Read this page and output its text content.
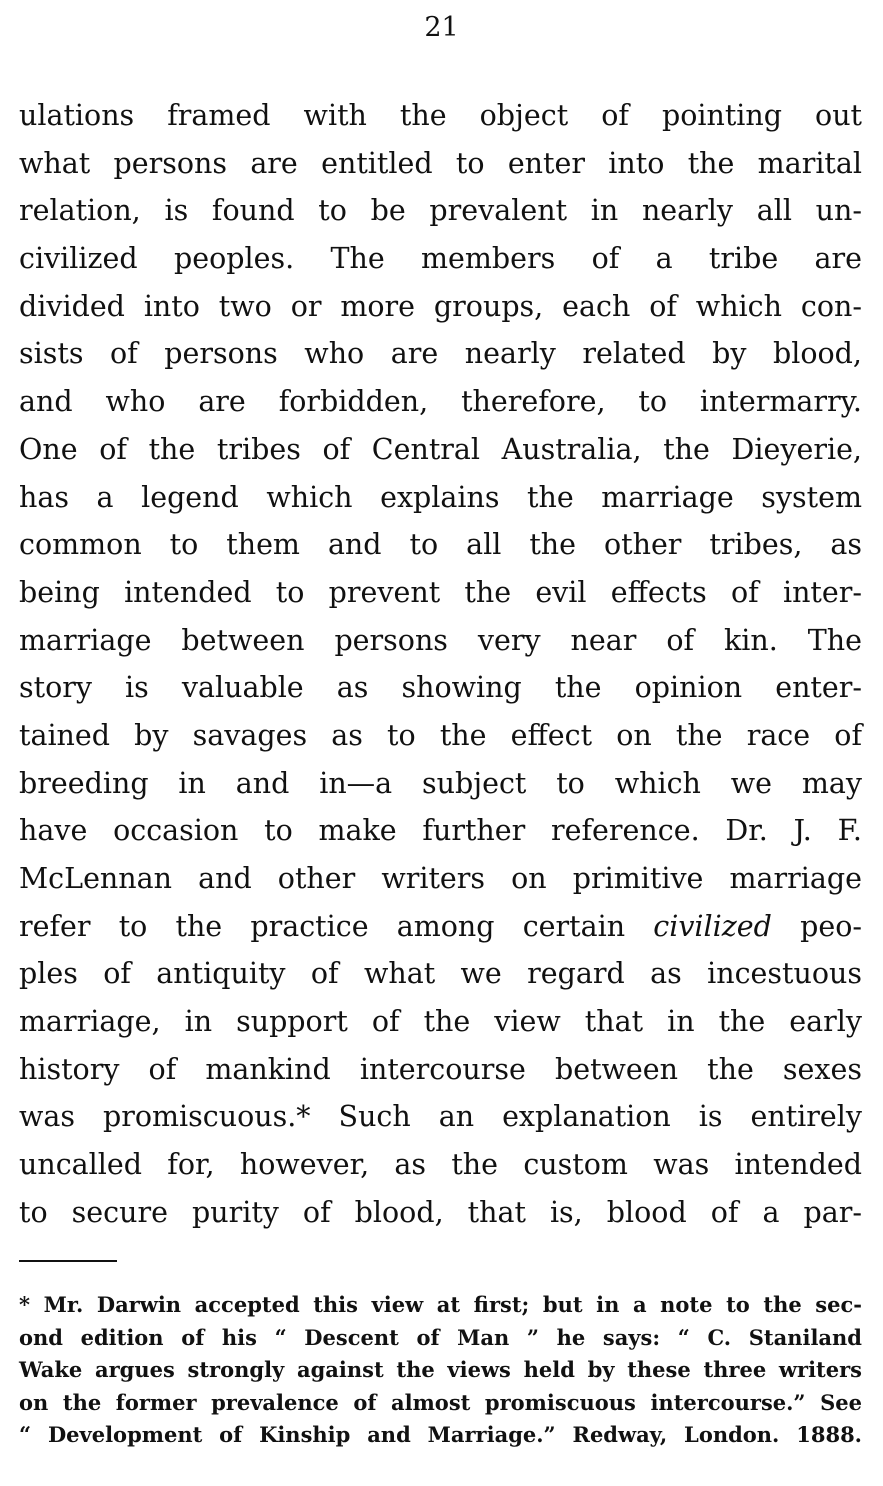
21
ulations framed with the object of pointing out
what persons are entitled to enter into the marital
relation, is found to be prevalent in nearly all un-
civilized peoples. The members of a tribe are
divided into two or more groups, each of which con-
sists of persons who are nearly related by blood,
and who are forbidden, therefore, to intermarry.
One of the tribes of Central Australia, the Dieyerie,
has a legend which explains the marriage system
common to them and to all the other tribes, as
being intended to prevent the evil effects of inter-
marriage between persons very near of kin. The
story is valuable as showing the opinion enter-
tained by savages as to the effect on the race of
breeding in and in—a subject to which we may
have occasion to make further reference. Dr. J. F.
McLennan and other writers on primitive marriage
refer to the practice among certain civilized peo-
ples of antiquity of what we regard as incestuous
marriage, in support of the view that in the early
history of mankind intercourse between the sexes
was promiscuous.* Such an explanation is entirely
uncalled for, however, as the custom was intended
to secure purity of blood, that is, blood of a par-
* Mr. Darwin accepted this view at first; but in a note to the sec-
ond edition of his “ Descent of Man ” he says: “ C. Staniland
Wake argues strongly against the views held by these three writers
on the former prevalence of almost promiscuous intercourse.” See
“ Development of Kinship and Marriage.” Redway, London. 1888.
